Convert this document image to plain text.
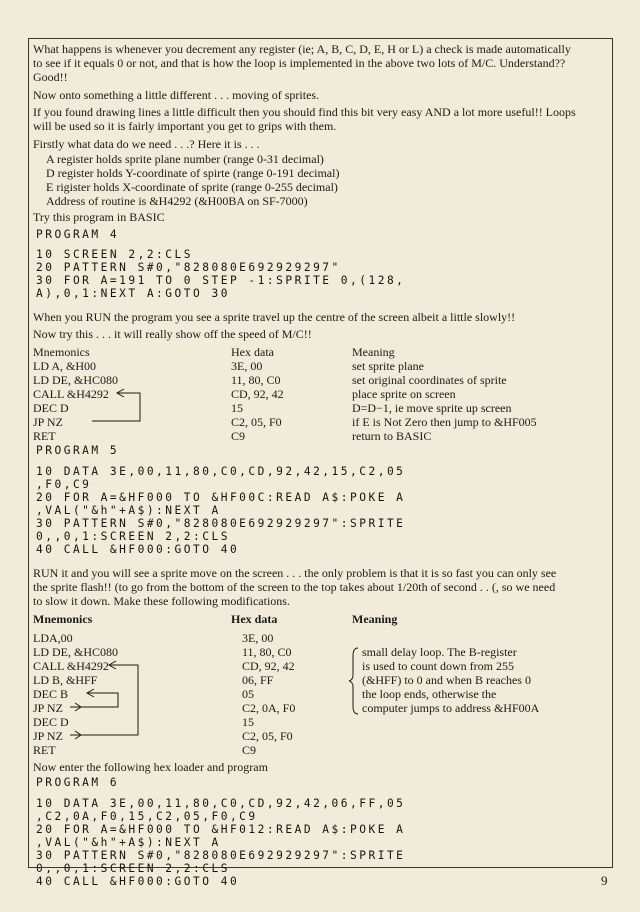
What happens is whenever you decrement any register (ie; A, B, C, D, E, H or L) a check is made automatically
to see if it equals 0 or not, and that is how the loop is implemented in the above two lots of M/C. Understand??
Good!!
Now onto something a little different . . . moving of sprites.
If you found drawing lines a little difficult then you should find this bit very easy AND a lot more useful!! Loops
will be used so it is fairly important you get to grips with them.
Firstly what data do we need . . .? Here it is . . .
A register holds sprite plane number (range 0-31 decimal)
D register holds Y-coordinate of spirte (range 0-191 decimal)
E rigister holds X-coordinate of sprite (range 0-255 decimal)
Address of routine is &H4292 (&H00BA on SF-7000)
Try this program in BASIC
PROGRAM 4
10 SCREEN 2,2:CLS
20 PATTERN S#0,"828080E692929297"
30 FOR A=191 TO 0 STEP -1:SPRITE 0,(128,
A),0,1:NEXT A:GOTO 30
When you RUN the program you see a sprite travel up the centre of the screen albeit a little slowly!!
Now try this . . . it will really show off the speed of M/C!!
Mnemonics	Hex data	Meaning
LD A, &H00	3E, 00	set sprite plane
LD DE, &HC080	11, 80, C0	set original coordinates of sprite
CALL &H4292	CD, 92, 42	place sprite on screen
DEC D	15	D=D−1, ie move sprite up screen
JP NZ	C2, 05, F0	if E is Not Zero then jump to &HF005
RET	C9	return to BASIC
PROGRAM 5
10 DATA 3E,00,11,80,C0,CD,92,42,15,C2,05
,F0,C9
20 FOR A=&HF000 TO &HF00C:READ A$:POKE A
,VAL("&h"+A$):NEXT A
30 PATTERN S#0,"828080E692929297":SPRITE
0,,0,1:SCREEN 2,2:CLS
40 CALL &HF000:GOTO 40
RUN it and you will see a sprite move on the screen . . . the only problem is that it is so fast you can only see
the sprite flash!! (to go from the bottom of the screen to the top takes about 1/20th of second . . (, so we need
to slow it down. Make these following modifications.
Mnemonics	Hex data	Meaning
LDA,00	3E, 00
LD DE, &HC080	11, 80, C0
CALL &H4292	CD, 92, 42
LD B, &HFF	06, FF
DEC B	05
JP NZ	C2, 0A, F0
DEC D	15
JP NZ	C2, 05, F0
RET	C9
small delay loop. The B-register
is used to count down from 255
(&HFF) to 0 and when B reaches 0
the loop ends, otherwise the
computer jumps to address &HF00A
Now enter the following hex loader and program
PROGRAM 6
10 DATA 3E,00,11,80,C0,CD,92,42,06,FF,05
,C2,0A,F0,15,C2,05,F0,C9
20 FOR A=&HF000 TO &HF012:READ A$:POKE A
,VAL("&h"+A$):NEXT A
30 PATTERN S#0,"828080E692929297":SPRITE
0,,0,1:SCREEN 2,2:CLS
40 CALL &HF000:GOTO 40	9
